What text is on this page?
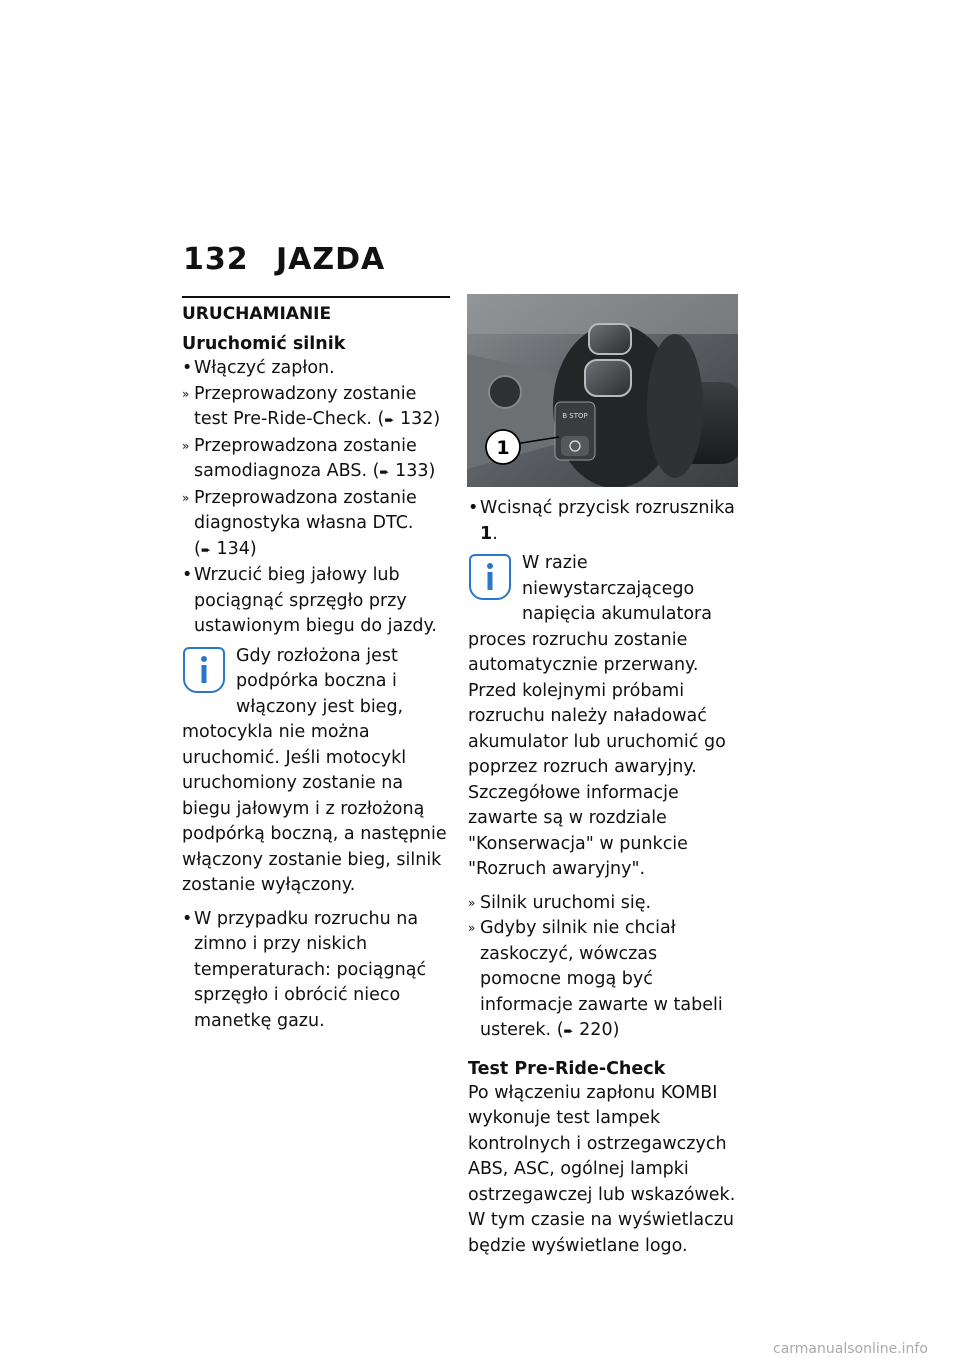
132 JAZDA
URUCHAMIANIE
Uruchomić silnik
• Włączyć zapłon.
» Przeprowadzony zostanie test Pre-Ride-Check. (➨ 132)
» Przeprowadzona zostanie samodiagnoza ABS. (➨ 133)
» Przeprowadzona zostanie diagnostyka własna DTC. (➨ 134)
• Wrzucić bieg jałowy lub pociągnąć sprzęgło przy ustawionym biegu do jazdy.

Gdy rozłożona jest podpórka boczna i włączony jest bieg, motocykla nie można uruchomić. Jeśli motocykl uruchomiony zostanie na biegu jałowym i z rozłożoną podpórką boczną, a następnie włączony zostanie bieg, silnik zostanie wyłączony.

• W przypadku rozruchu na zimno i przy niskich temperaturach: pociągnąć sprzęgło i obrócić nieco manetkę gazu.
B STOP
1
• Wcisnąć przycisk rozrusznika 1.

W razie niewystarczającego napięcia akumulatora proces rozruchu zostanie automatycznie przerwany. Przed kolejnymi próbami rozruchu należy naładować akumulator lub uruchomić go poprzez rozruch awaryjny.

Szczegółowe informacje zawarte są w rozdziale "Konserwacja" w punkcie "Rozruch awaryjny".

» Silnik uruchomi się.
» Gdyby silnik nie chciał zaskoczyć, wówczas pomocne mogą być informacje zawarte w tabeli usterek. (➨ 220)
Test Pre-Ride-Check
Po włączeniu zapłonu KOMBI wykonuje test lampek kontrolnych i ostrzegawczych ABS, ASC, ogólnej lampki ostrzegawczej lub wskazówek. W tym czasie na wyświetlaczu będzie wyświetlane logo.
carmanualsonline.info
